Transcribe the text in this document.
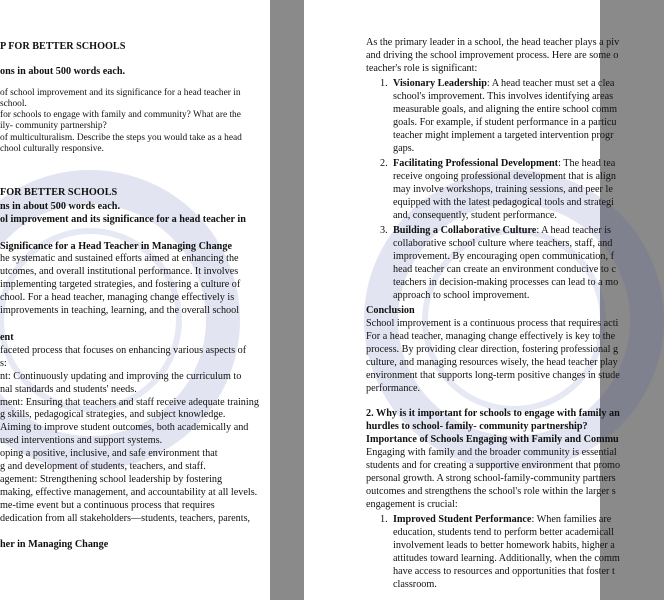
P FOR BETTER SCHOOLS
ons in about 500 words each.
of school improvement and its significance for a head teacher in
school.
for schools to engage with family and community? What are the
ily- community partnership?
of multiculturalism. Describe the steps you would take as a head
chool culturally responsive.
FOR BETTER SCHOOLS
ns in about 500 words each.
ol improvement and its significance for a head teacher in
Significance for a Head Teacher in Managing Change
he systematic and sustained efforts aimed at enhancing the
utcomes, and overall institutional performance. It involves
implementing targeted strategies, and fostering a culture of
chool. For a head teacher, managing change effectively is
improvements in teaching, learning, and the overall school
ent
faceted process that focuses on enhancing various aspects of
s:
nt: Continuously updating and improving the curriculum to
nal standards and students' needs.
ment: Ensuring that teachers and staff receive adequate training
g skills, pedagogical strategies, and subject knowledge.
Aiming to improve student outcomes, both academically and
used interventions and support systems.
oping a positive, inclusive, and safe environment that
g and development of students, teachers, and staff.
agement: Strengthening school leadership by fostering
making, effective management, and accountability at all levels.
me-time event but a continuous process that requires
dedication from all stakeholders—students, teachers, parents,
her in Managing Change
As the primary leader in a school, the head teacher plays a piv
and driving the school improvement process. Here are some o
teacher's role is significant:
1. Visionary Leadership : A head teacher must set a clea
school's improvement. This involves identifying areas
measurable goals, and aligning the entire school comm
goals. For example, if student performance in a particu
teacher might implement a targeted intervention progr
gaps.
2. Facilitating Professional Development : The head tea
receive ongoing professional development that is align
may involve workshops, training sessions, and peer le
equipped with the latest pedagogical tools and strategi
and, consequently, student performance.
3. Building a Collaborative Culture : A head teacher is
collaborative school culture where teachers, staff, and
improvement. By encouraging open communication, f
head teacher can create an environment conducive to c
teachers in decision-making processes can lead to a mo
approach to school improvement.
Conclusion
School improvement is a continuous process that requires acti
For a head teacher, managing change effectively is key to the
process. By providing clear direction, fostering professional g
culture, and managing resources wisely, the head teacher play
environment that supports long-term positive changes in stude
performance.
2. Why is it important for schools to engage with family an
hurdles to school- family- community partnership?
Importance of Schools Engaging with Family and Commu
Engaging with family and the broader community is essential
students and for creating a supportive environment that promo
personal growth. A strong school-family-community partners
outcomes and strengthens the school's role within the larger s
engagement is crucial:
1. Improved Student Performance : When families are
education, students tend to perform better academicall
involvement leads to better homework habits, higher a
attitudes toward learning. Additionally, when the comm
have access to resources and opportunities that foster t
classroom.
